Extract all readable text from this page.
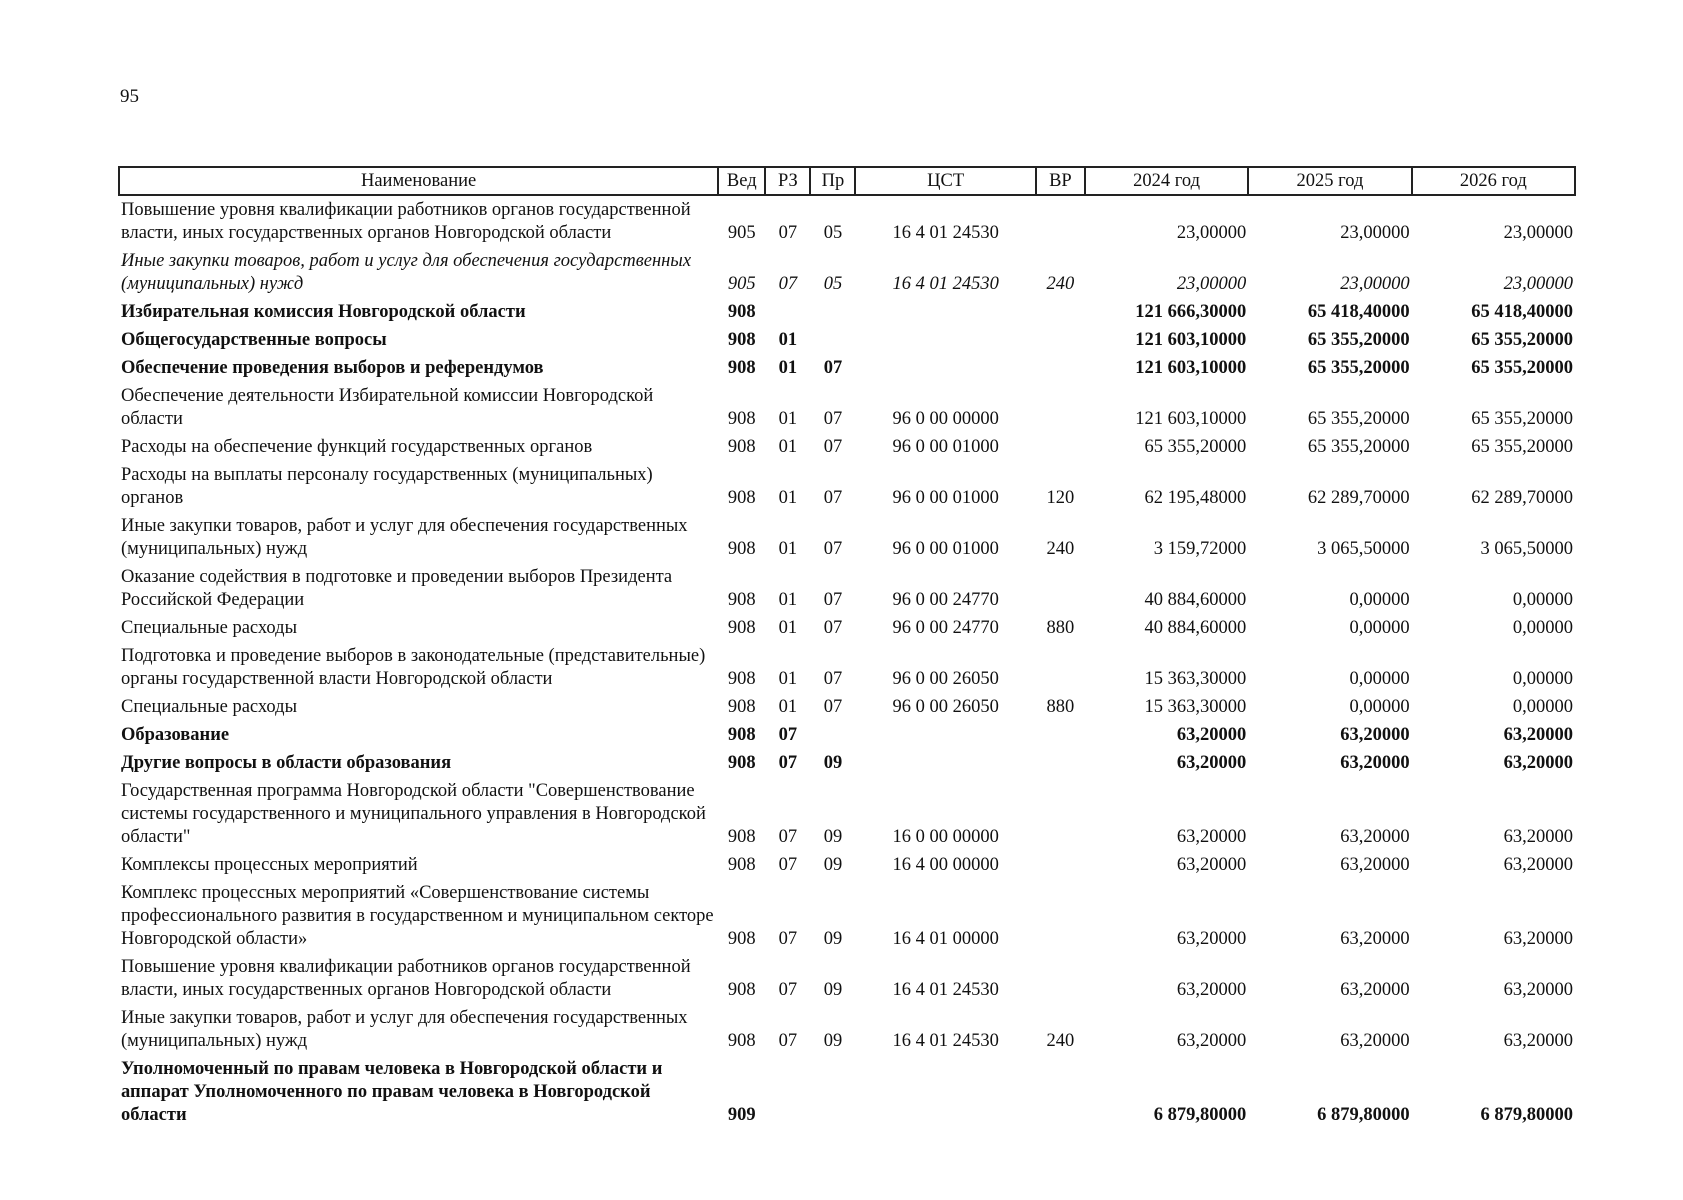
95
Наименование	Вед	РЗ	Пр	ЦСТ	ВР	2024 год	2025 год	2026 год
Повышение уровня квалификации работников органов государственной власти, иных государственных органов Новгородской области	905	07	05	16 4 01 24530		23,00000	23,00000	23,00000
Иные закупки товаров, работ и услуг для обеспечения государственных (муниципальных) нужд	905	07	05	16 4 01 24530	240	23,00000	23,00000	23,00000
Избирательная комиссия Новгородской области	908					121 666,30000	65 418,40000	65 418,40000
Общегосударственные вопросы	908	01				121 603,10000	65 355,20000	65 355,20000
Обеспечение проведения выборов и референдумов	908	01	07			121 603,10000	65 355,20000	65 355,20000
Обеспечение деятельности Избирательной комиссии Новгородской области	908	01	07	96 0 00 00000		121 603,10000	65 355,20000	65 355,20000
Расходы на обеспечение функций государственных органов	908	01	07	96 0 00 01000		65 355,20000	65 355,20000	65 355,20000
Расходы на выплаты персоналу государственных (муниципальных) органов	908	01	07	96 0 00 01000	120	62 195,48000	62 289,70000	62 289,70000
Иные закупки товаров, работ и услуг для обеспечения государственных (муниципальных) нужд	908	01	07	96 0 00 01000	240	3 159,72000	3 065,50000	3 065,50000
Оказание содействия в подготовке и проведении выборов Президента Российской Федерации	908	01	07	96 0 00 24770		40 884,60000	0,00000	0,00000
Специальные расходы	908	01	07	96 0 00 24770	880	40 884,60000	0,00000	0,00000
Подготовка и проведение выборов в законодательные (представительные) органы государственной власти Новгородской области	908	01	07	96 0 00 26050		15 363,30000	0,00000	0,00000
Специальные расходы	908	01	07	96 0 00 26050	880	15 363,30000	0,00000	0,00000
Образование	908	07				63,20000	63,20000	63,20000
Другие вопросы в области образования	908	07	09			63,20000	63,20000	63,20000
Государственная программа Новгородской области "Совершенствование системы государственного и муниципального управления в Новгородской области"	908	07	09	16 0 00 00000		63,20000	63,20000	63,20000
Комплексы процессных мероприятий	908	07	09	16 4 00 00000		63,20000	63,20000	63,20000
Комплекс процессных мероприятий «Совершенствование системы профессионального развития в государственном и муниципальном секторе Новгородской области»	908	07	09	16 4 01 00000		63,20000	63,20000	63,20000
Повышение уровня квалификации работников органов государственной власти, иных государственных органов Новгородской области	908	07	09	16 4 01 24530		63,20000	63,20000	63,20000
Иные закупки товаров, работ и услуг для обеспечения государственных (муниципальных) нужд	908	07	09	16 4 01 24530	240	63,20000	63,20000	63,20000
Уполномоченный по правам человека в Новгородской области и аппарат Уполномоченного по правам человека в Новгородской области	909					6 879,80000	6 879,80000	6 879,80000
